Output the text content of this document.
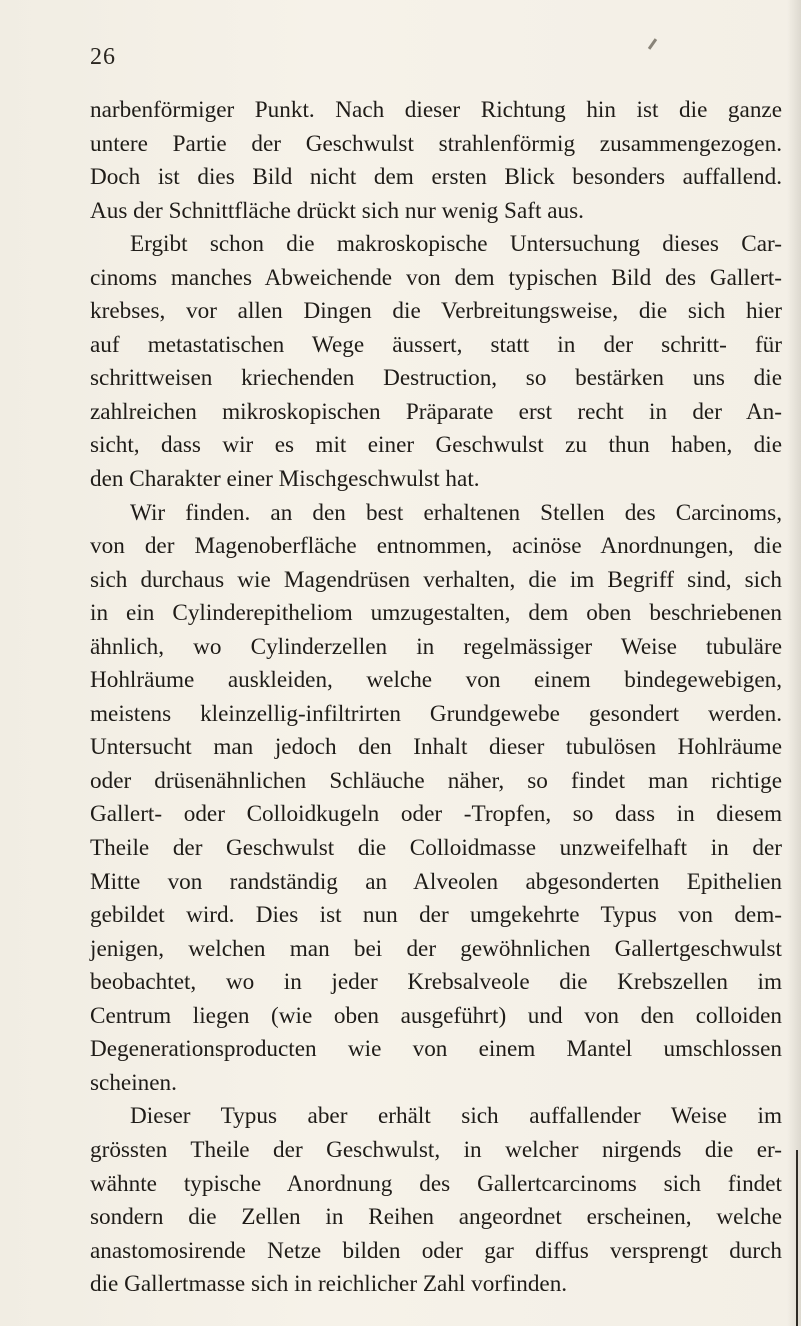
26
narbenförmiger Punkt. Nach dieser Richtung hin ist die ganze
untere Partie der Geschwulst strahlenförmig zusammengezogen.
Doch ist dies Bild nicht dem ersten Blick besonders auffallend.
Aus der Schnittfläche drückt sich nur wenig Saft aus.
Ergibt schon die makroskopische Untersuchung dieses Car-
cinoms manches Abweichende von dem typischen Bild des Gallert-
krebses, vor allen Dingen die Verbreitungsweise, die sich hier
auf metastatischen Wege äussert, statt in der schritt- für
schrittweisen kriechenden Destruction, so bestärken uns die
zahlreichen mikroskopischen Präparate erst recht in der An-
sicht, dass wir es mit einer Geschwulst zu thun haben, die
den Charakter einer Mischgeschwulst hat.
Wir finden. an den best erhaltenen Stellen des Carcinoms,
von der Magenoberfläche entnommen, acinöse Anordnungen, die
sich durchaus wie Magendrüsen verhalten, die im Begriff sind, sich
in ein Cylinderepitheliom umzugestalten, dem oben beschriebenen
ähnlich, wo Cylinderzellen in regelmässiger Weise tubuläre
Hohlräume auskleiden, welche von einem bindegewebigen,
meistens kleinzellig-infiltrirten Grundgewebe gesondert werden.
Untersucht man jedoch den Inhalt dieser tubulösen Hohlräume
oder drüsenähnlichen Schläuche näher, so findet man richtige
Gallert- oder Colloidkugeln oder -Tropfen, so dass in diesem
Theile der Geschwulst die Colloidmasse unzweifelhaft in der
Mitte von randständig an Alveolen abgesonderten Epithelien
gebildet wird. Dies ist nun der umgekehrte Typus von dem-
jenigen, welchen man bei der gewöhnlichen Gallertgeschwulst
beobachtet, wo in jeder Krebsalveole die Krebszellen im
Centrum liegen (wie oben ausgeführt) und von den colloiden
Degenerationsproducten wie von einem Mantel umschlossen
scheinen.
Dieser Typus aber erhält sich auffallender Weise im
grössten Theile der Geschwulst, in welcher nirgends die er-
wähnte typische Anordnung des Gallertcarcinoms sich findet
sondern die Zellen in Reihen angeordnet erscheinen, welche
anastomosirende Netze bilden oder gar diffus versprengt durch
die Gallertmasse sich in reichlicher Zahl vorfinden.
